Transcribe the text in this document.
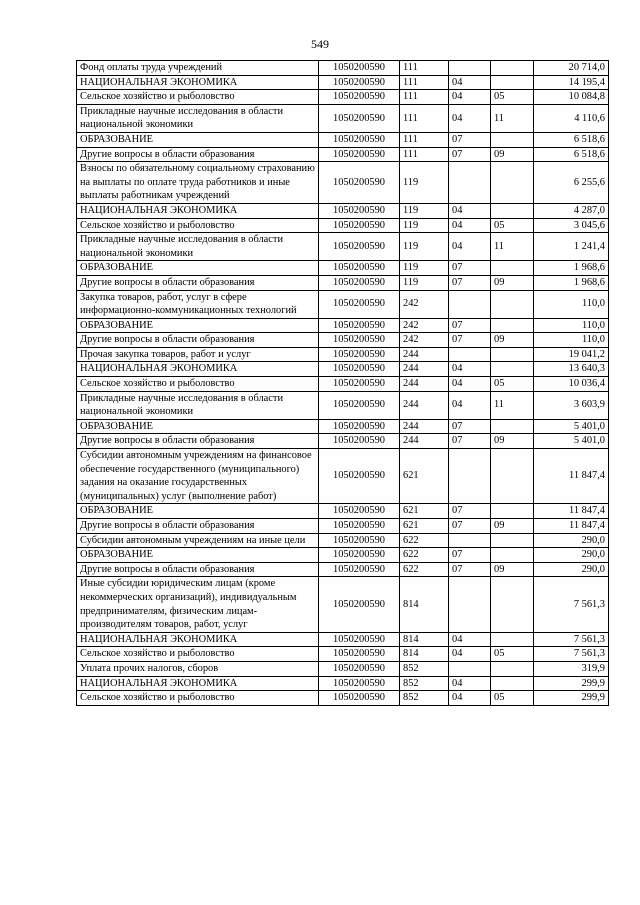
549
Фонд оплаты труда учреждений	1050200590	111			20 714,0
НАЦИОНАЛЬНАЯ ЭКОНОМИКА	1050200590	111	04		14 195,4
Сельское хозяйство и рыболовство	1050200590	111	04	05	10 084,8
Прикладные научные исследования в области национальной экономики	1050200590	111	04	11	4 110,6
ОБРАЗОВАНИЕ	1050200590	111	07		6 518,6
Другие вопросы в области образования	1050200590	111	07	09	6 518,6
Взносы по обязательному социальному страхованию на выплаты по оплате труда работников и иные выплаты работникам учреждений	1050200590	119			6 255,6
НАЦИОНАЛЬНАЯ ЭКОНОМИКА	1050200590	119	04		4 287,0
Сельское хозяйство и рыболовство	1050200590	119	04	05	3 045,6
Прикладные научные исследования в области национальной экономики	1050200590	119	04	11	1 241,4
ОБРАЗОВАНИЕ	1050200590	119	07		1 968,6
Другие вопросы в области образования	1050200590	119	07	09	1 968,6
Закупка товаров, работ, услуг в сфере информационно-коммуникационных технологий	1050200590	242			110,0
ОБРАЗОВАНИЕ	1050200590	242	07		110,0
Другие вопросы в области образования	1050200590	242	07	09	110,0
Прочая закупка товаров, работ и услуг	1050200590	244			19 041,2
НАЦИОНАЛЬНАЯ ЭКОНОМИКА	1050200590	244	04		13 640,3
Сельское хозяйство и рыболовство	1050200590	244	04	05	10 036,4
Прикладные научные исследования в области национальной экономики	1050200590	244	04	11	3 603,9
ОБРАЗОВАНИЕ	1050200590	244	07		5 401,0
Другие вопросы в области образования	1050200590	244	07	09	5 401,0
Субсидии автономным учреждениям на финансовое обеспечение государственного (муниципального) задания на оказание государственных (муниципальных) услуг (выполнение работ)	1050200590	621			11 847,4
ОБРАЗОВАНИЕ	1050200590	621	07		11 847,4
Другие вопросы в области образования	1050200590	621	07	09	11 847,4
Субсидии автономным учреждениям на иные цели	1050200590	622			290,0
ОБРАЗОВАНИЕ	1050200590	622	07		290,0
Другие вопросы в области образования	1050200590	622	07	09	290,0
Иные субсидии юридическим лицам (кроме некоммерческих организаций), индивидуальным предпринимателям, физическим лицам-производителям товаров, работ, услуг	1050200590	814			7 561,3
НАЦИОНАЛЬНАЯ ЭКОНОМИКА	1050200590	814	04		7 561,3
Сельское хозяйство и рыболовство	1050200590	814	04	05	7 561,3
Уплата прочих налогов, сборов	1050200590	852			319,9
НАЦИОНАЛЬНАЯ ЭКОНОМИКА	1050200590	852	04		299,9
Сельское хозяйство и рыболовство	1050200590	852	04	05	299,9
